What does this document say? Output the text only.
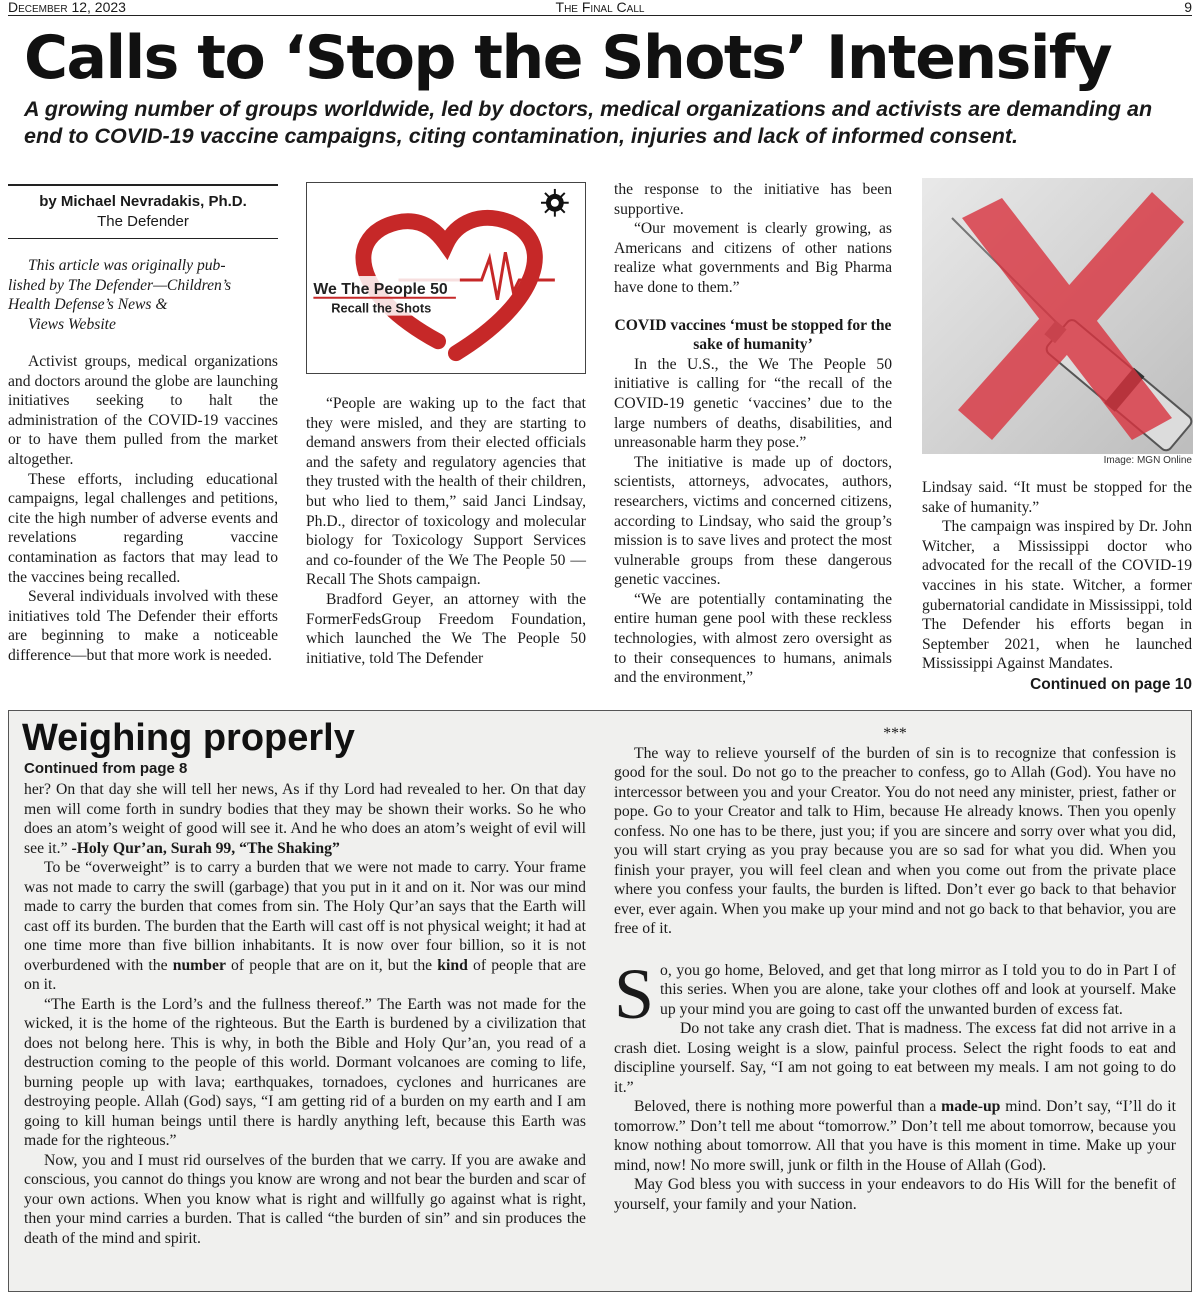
December 12, 2023	The Final Call	9
Calls to ‘Stop the Shots’ Intensify
A growing number of groups worldwide, led by doctors, medical organizations and activists are demanding an end to COVID-19 vaccine campaigns, citing contamination, injuries and lack of informed consent.
by Michael Nevradakis, Ph.D.
The Defender
This article was originally pub-
lished by The Defender—Children’s
Health Defense’s News &
Views Website

Activist groups, medical organizations and doctors around the globe are launching initiatives seeking to halt the administration of the COVID-19 vaccines or to have them pulled from the market altogether.

These efforts, including educational campaigns, legal challenges and petitions, cite the high number of adverse events and revelations regarding vaccine contamination as factors that may lead to the vaccines being recalled.

Several individuals involved with these initiatives told The Defender their efforts are beginning to make a noticeable difference—but that more work is needed.

We The People 50
Recall the Shots

“People are waking up to the fact that they were misled, and they are starting to demand answers from their elected officials and the safety and regulatory agencies that they trusted with the health of their children, but who lied to them,” said Janci Lindsay, Ph.D., director of toxicology and molecular biology for Toxicology Support Services and co-founder of the We The People 50 — Recall The Shots campaign.

Bradford Geyer, an attorney with the FormerFedsGroup Freedom Foundation, which launched the We The People 50 initiative, told The Defender

the response to the initiative has been supportive.

“Our movement is clearly growing, as Americans and citizens of other nations realize what governments and Big Pharma have done to them.”

COVID vaccines ‘must be stopped for the sake of humanity’

In the U.S., the We The People 50 initiative is calling for “the recall of the COVID-19 genetic ‘vaccines’ due to the large numbers of deaths, disabilities, and unreasonable harm they pose.”

The initiative is made up of doctors, scientists, attorneys, advocates, authors, researchers, victims and concerned citizens, according to Lindsay, who said the group’s mission is to save lives and protect the most vulnerable groups from these dangerous genetic vaccines.

“We are potentially contaminating the entire human gene pool with these reckless technologies, with almost zero oversight as to their consequences to humans, animals and the environment,”

Image: MGN Online

Lindsay said. “It must be stopped for the sake of humanity.”

The campaign was inspired by Dr. John Witcher, a Mississippi doctor who advocated for the recall of the COVID-19 vaccines in his state. Witcher, a former gubernatorial candidate in Mississippi, told The Defender his efforts began in September 2021, when he launched Mississippi Against Mandates.

Continued on page 10
Weighing properly
Continued from page 8

her? On that day she will tell her news, As if thy Lord had revealed to her. On that day men will come forth in sundry bodies that they may be shown their works. So he who does an atom’s weight of good will see it. And he who does an atom’s weight of evil will see it.” -Holy Qur’an, Surah 99, “The Shaking”

To be “overweight” is to carry a burden that we were not made to carry. Your frame was not made to carry the swill (garbage) that you put in it and on it. Nor was our mind made to carry the burden that comes from sin. The Holy Qur’an says that the Earth will cast off its burden. The burden that the Earth will cast off is not physical weight; it had at one time more than five billion inhabitants. It is now over four billion, so it is not overburdened with the number of people that are on it, but the kind of people that are on it.

“The Earth is the Lord’s and the fullness thereof.” The Earth was not made for the wicked, it is the home of the righteous. But the Earth is burdened by a civilization that does not belong here. This is why, in both the Bible and Holy Qur’an, you read of a destruction coming to the people of this world. Dormant volcanoes are coming to life, burning people up with lava; earthquakes, tornadoes, cyclones and hurricanes are destroying people. Allah (God) says, “I am getting rid of a burden on my earth and I am going to kill human beings until there is hardly anything left, because this Earth was made for the righteous.”

Now, you and I must rid ourselves of the burden that we carry. If you are awake and conscious, you cannot do things you know are wrong and not bear the burden and scar of your own actions. When you know what is right and willfully go against what is right, then your mind carries a burden. That is called “the burden of sin” and sin produces the death of the mind and spirit.

***

The way to relieve yourself of the burden of sin is to recognize that confession is good for the soul. Do not go to the preacher to confess, go to Allah (God). You have no intercessor between you and your Creator. You do not need any minister, priest, father or pope. Go to your Creator and talk to Him, because He already knows. Then you openly confess. No one has to be there, just you; if you are sincere and sorry over what you did, you will start crying as you pray because you are so sad for what you did. When you finish your prayer, you will feel clean and when you come out from the private place where you confess your faults, the burden is lifted. Don’t ever go back to that behavior ever, ever again. When you make up your mind and not go back to that behavior, you are free of it.

So, you go home, Beloved, and get that long mirror as I told you to do in Part I of this series. When you are alone, take your clothes off and look at yourself. Make up your mind you are going to cast off the unwanted burden of excess fat.

Do not take any crash diet. That is madness. The excess fat did not arrive in a crash diet. Losing weight is a slow, painful process. Select the right foods to eat and discipline yourself. Say, “I am not going to eat between my meals. I am not going to do it.”

Beloved, there is nothing more powerful than a made-up mind. Don’t say, “I’ll do it tomorrow.” Don’t tell me about “tomorrow.” Don’t tell me about tomorrow, because you know nothing about tomorrow. All that you have is this moment in time. Make up your mind, now! No more swill, junk or filth in the House of Allah (God).

May God bless you with success in your endeavors to do His Will for the benefit of yourself, your family and your Nation.
